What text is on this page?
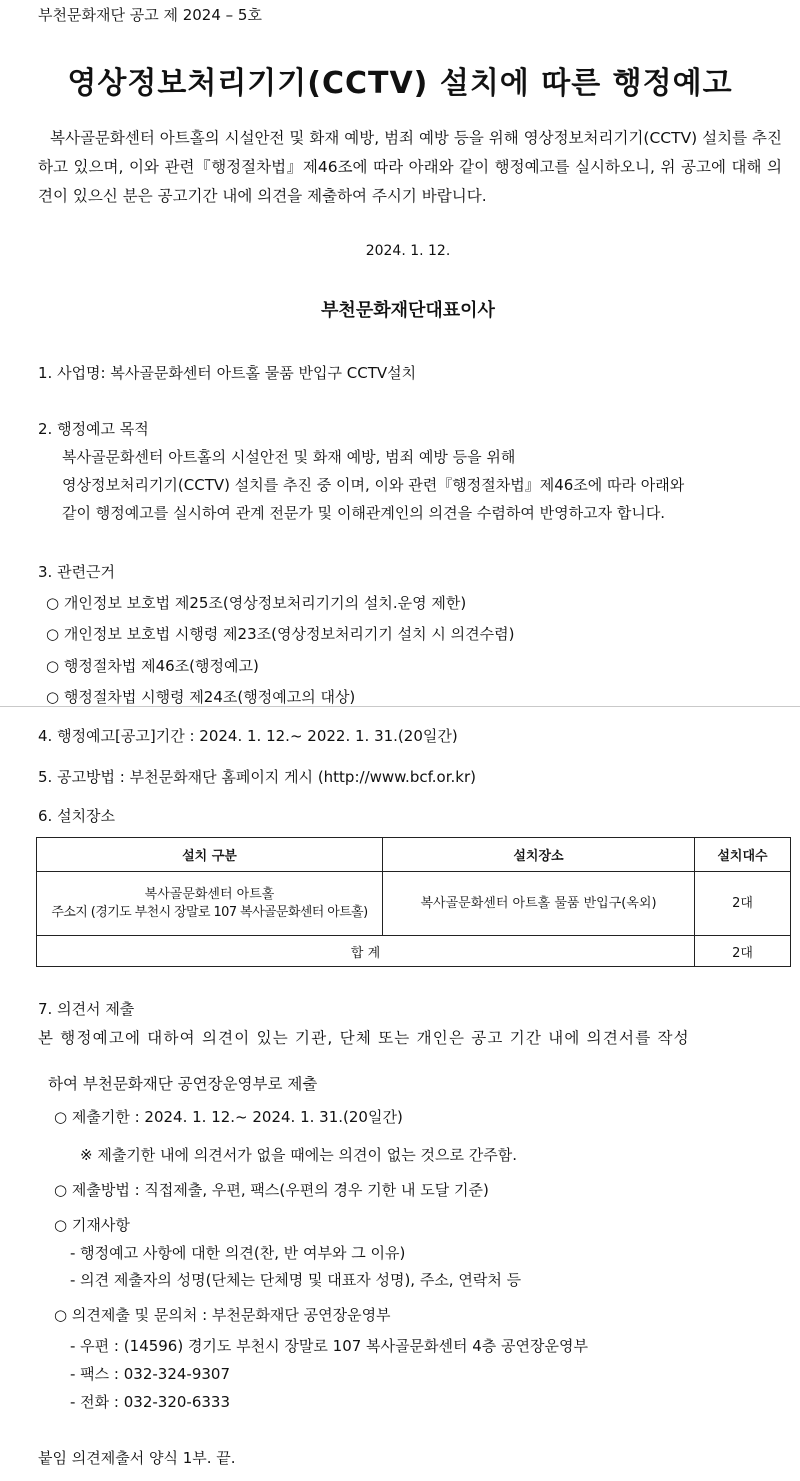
부천문화재단 공고 제 2024 – 5호
영상정보처리기기(CCTV) 설치에 따른 행정예고
복사골문화센터 아트홀의 시설안전 및 화재 예방, 범죄 예방 등을 위해 영상정보처리기기(CCTV) 설치를 추진하고 있으며, 이와 관련『행정절차법』제46조에 따라 아래와 같이 행정예고를 실시하오니, 위 공고에 대해 의견이 있으신 분은 공고기간 내에 의견을 제출하여 주시기 바랍니다.
2024. 1. 12.
부천문화재단대표이사
1. 사업명: 복사골문화센터 아트홀 물품 반입구 CCTV설치
2. 행정예고 목적
복사골문화센터 아트홀의 시설안전 및 화재 예방, 범죄 예방 등을 위해
영상정보처리기기(CCTV) 설치를 추진 중 이며, 이와 관련『행정절차법』제46조에 따라 아래와
같이 행정예고를 실시하여 관계 전문가 및 이해관계인의 의견을 수렴하여 반영하고자 합니다.
3. 관련근거
○ 개인정보 보호법 제25조(영상정보처리기기의 설치.운영 제한)
○ 개인정보 보호법 시행령 제23조(영상정보처리기기 설치 시 의견수렴)
○ 행정절차법 제46조(행정예고)
○ 행정절차법 시행령 제24조(행정예고의 대상)
4. 행정예고[공고]기간 : 2024. 1. 12.~ 2022. 1. 31.(20일간)
5. 공고방법 : 부천문화재단 홈페이지 게시 (http://www.bcf.or.kr)
6. 설치장소
설치 구분	설치장소	설치대수

복사골문화센터 아트홀
주소지 (경기도 부천시 장말로 107 복사골문화센터 아트홀)	복사골문화센터 아트홀 물품 반입구(옥외)	2대
합 계		2대
7. 의견서 제출
본 행정예고에 대하여 의견이 있는 기관, 단체 또는 개인은 공고 기간 내에 의견서를 작성
하여 부천문화재단 공연장운영부로 제출
○ 제출기한 : 2024. 1. 12.~ 2024. 1. 31.(20일간)
※ 제출기한 내에 의견서가 없을 때에는 의견이 없는 것으로 간주함.
○ 제출방법 : 직접제출, 우편, 팩스(우편의 경우 기한 내 도달 기준)
○ 기재사항
- 행정예고 사항에 대한 의견(찬, 반 여부와 그 이유)
- 의견 제출자의 성명(단체는 단체명 및 대표자 성명), 주소, 연락처 등
○ 의견제출 및 문의처 : 부천문화재단 공연장운영부
- 우편 : (14596) 경기도 부천시 장말로 107 복사골문화센터 4층 공연장운영부
- 팩스 : 032-324-9307
- 전화 : 032-320-6333
붙임 의견제출서 양식 1부. 끝.
